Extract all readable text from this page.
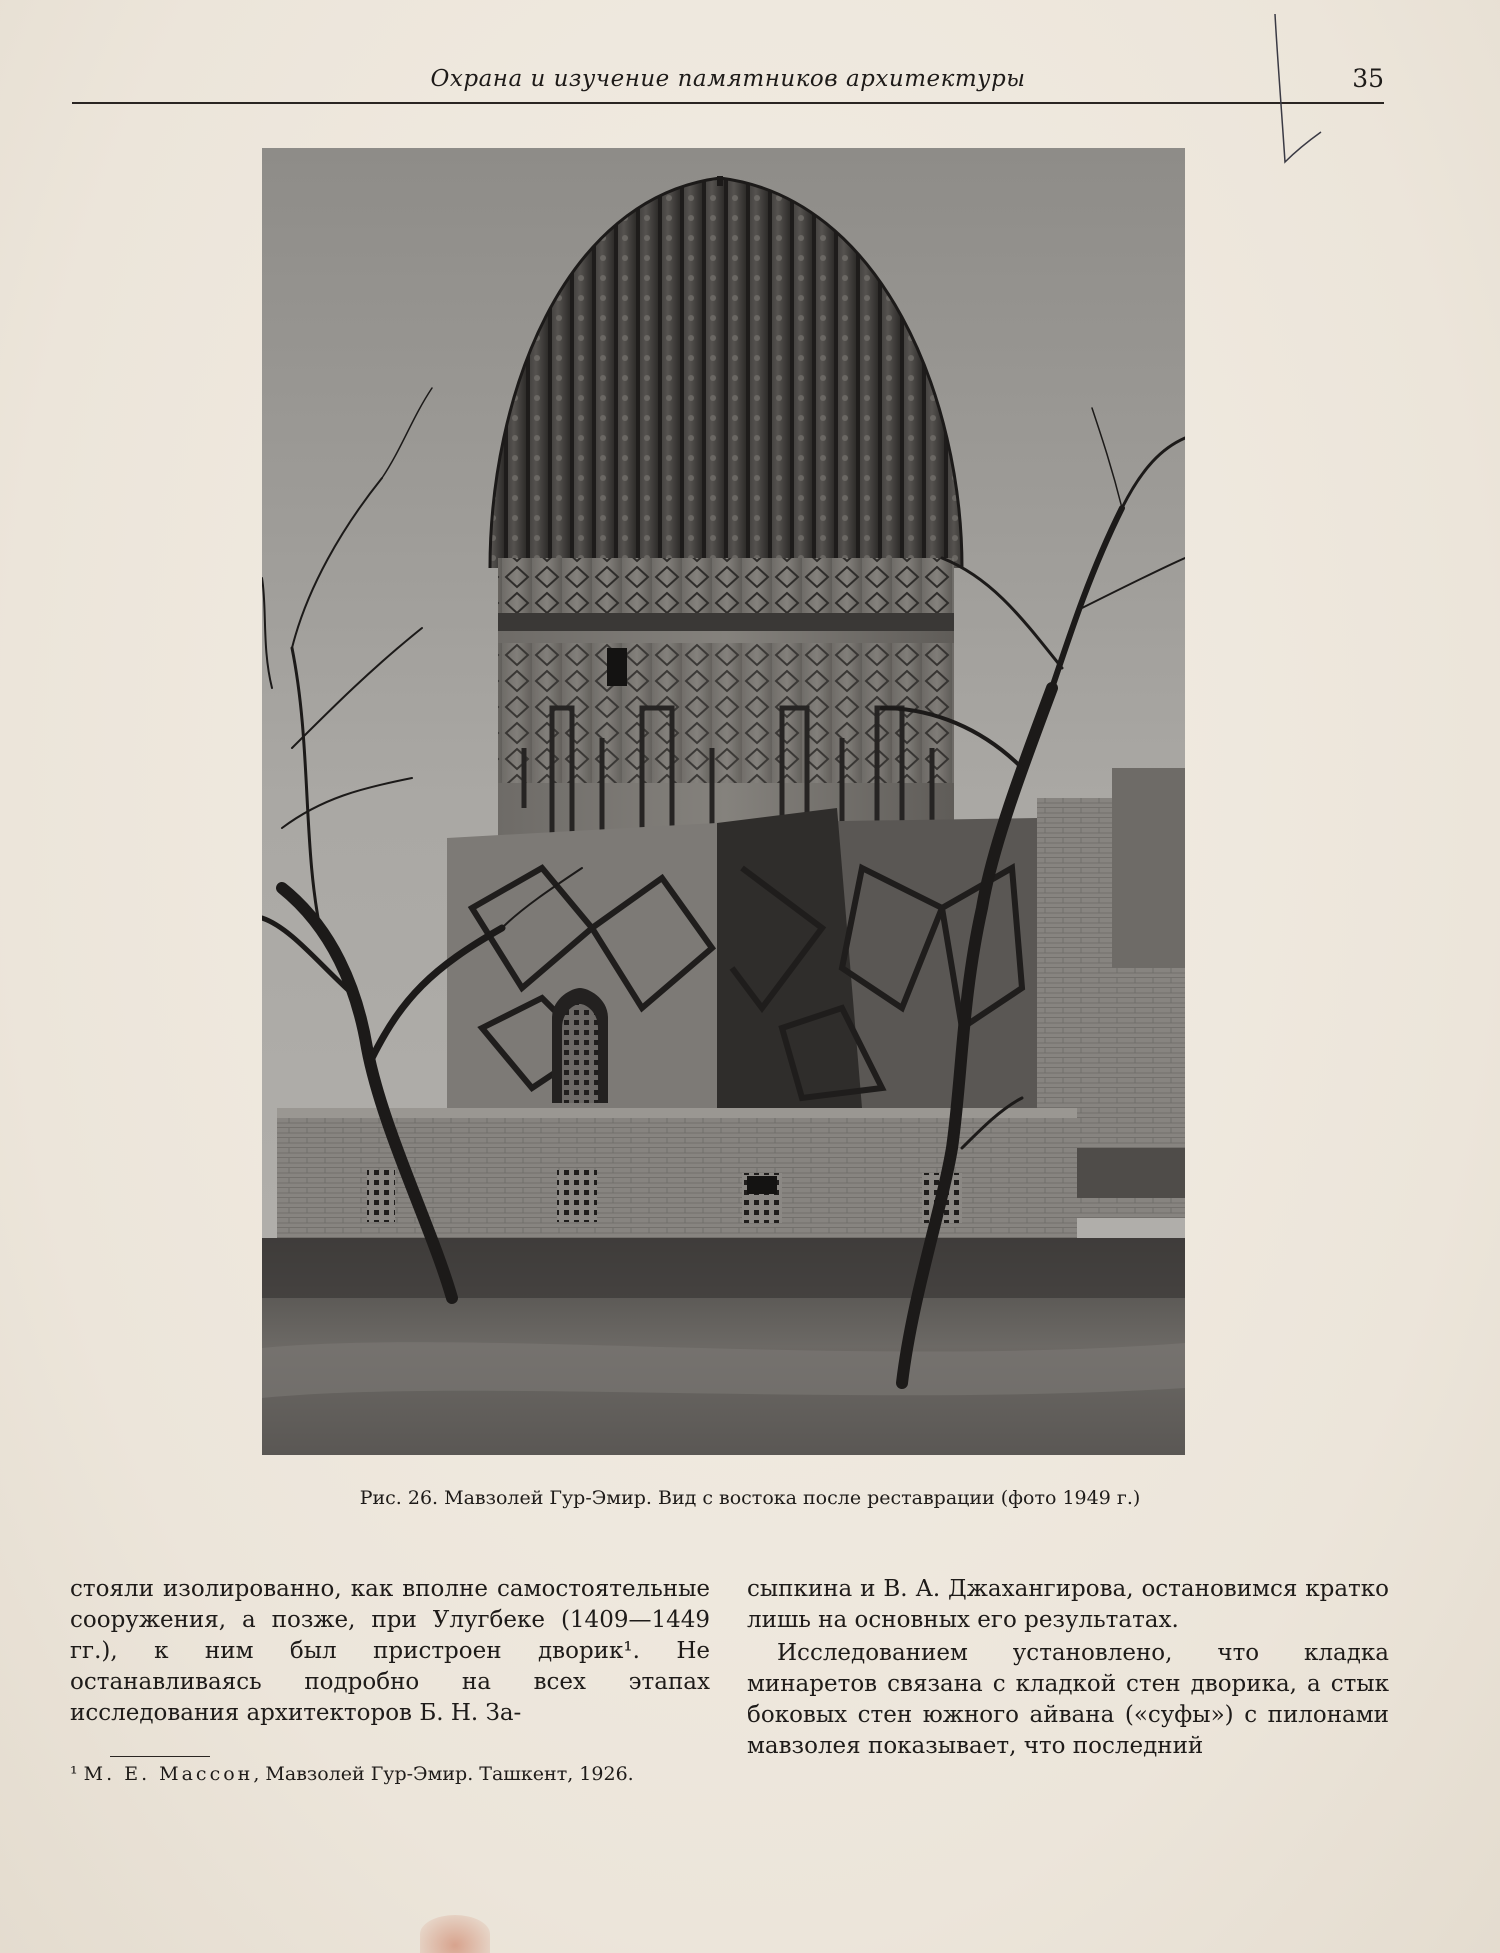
Охрана и изучение памятников архитектуры	35
Рис. 26. Мавзолей Гур-Эмир. Вид с востока после реставрации (фото 1949 г.)

стояли изолированно, как вполне самостоятельные сооружения, а позже, при Улугбеке (1409—1449 гг.), к ним был пристроен дворик¹. Не останавливаясь подробно на всех этапах исследования архитекторов Б. Н. За-

сыпкина и В. А. Джахангирова, остановимся кратко лишь на основных его результатах.

Исследованием установлено, что кладка минаретов связана с кладкой стен дворика, а стык боковых стен южного айвана («суфы») с пилонами мавзолея показывает, что последний

¹ М. Е. Массон, Мавзолей Гур-Эмир. Ташкент, 1926.
